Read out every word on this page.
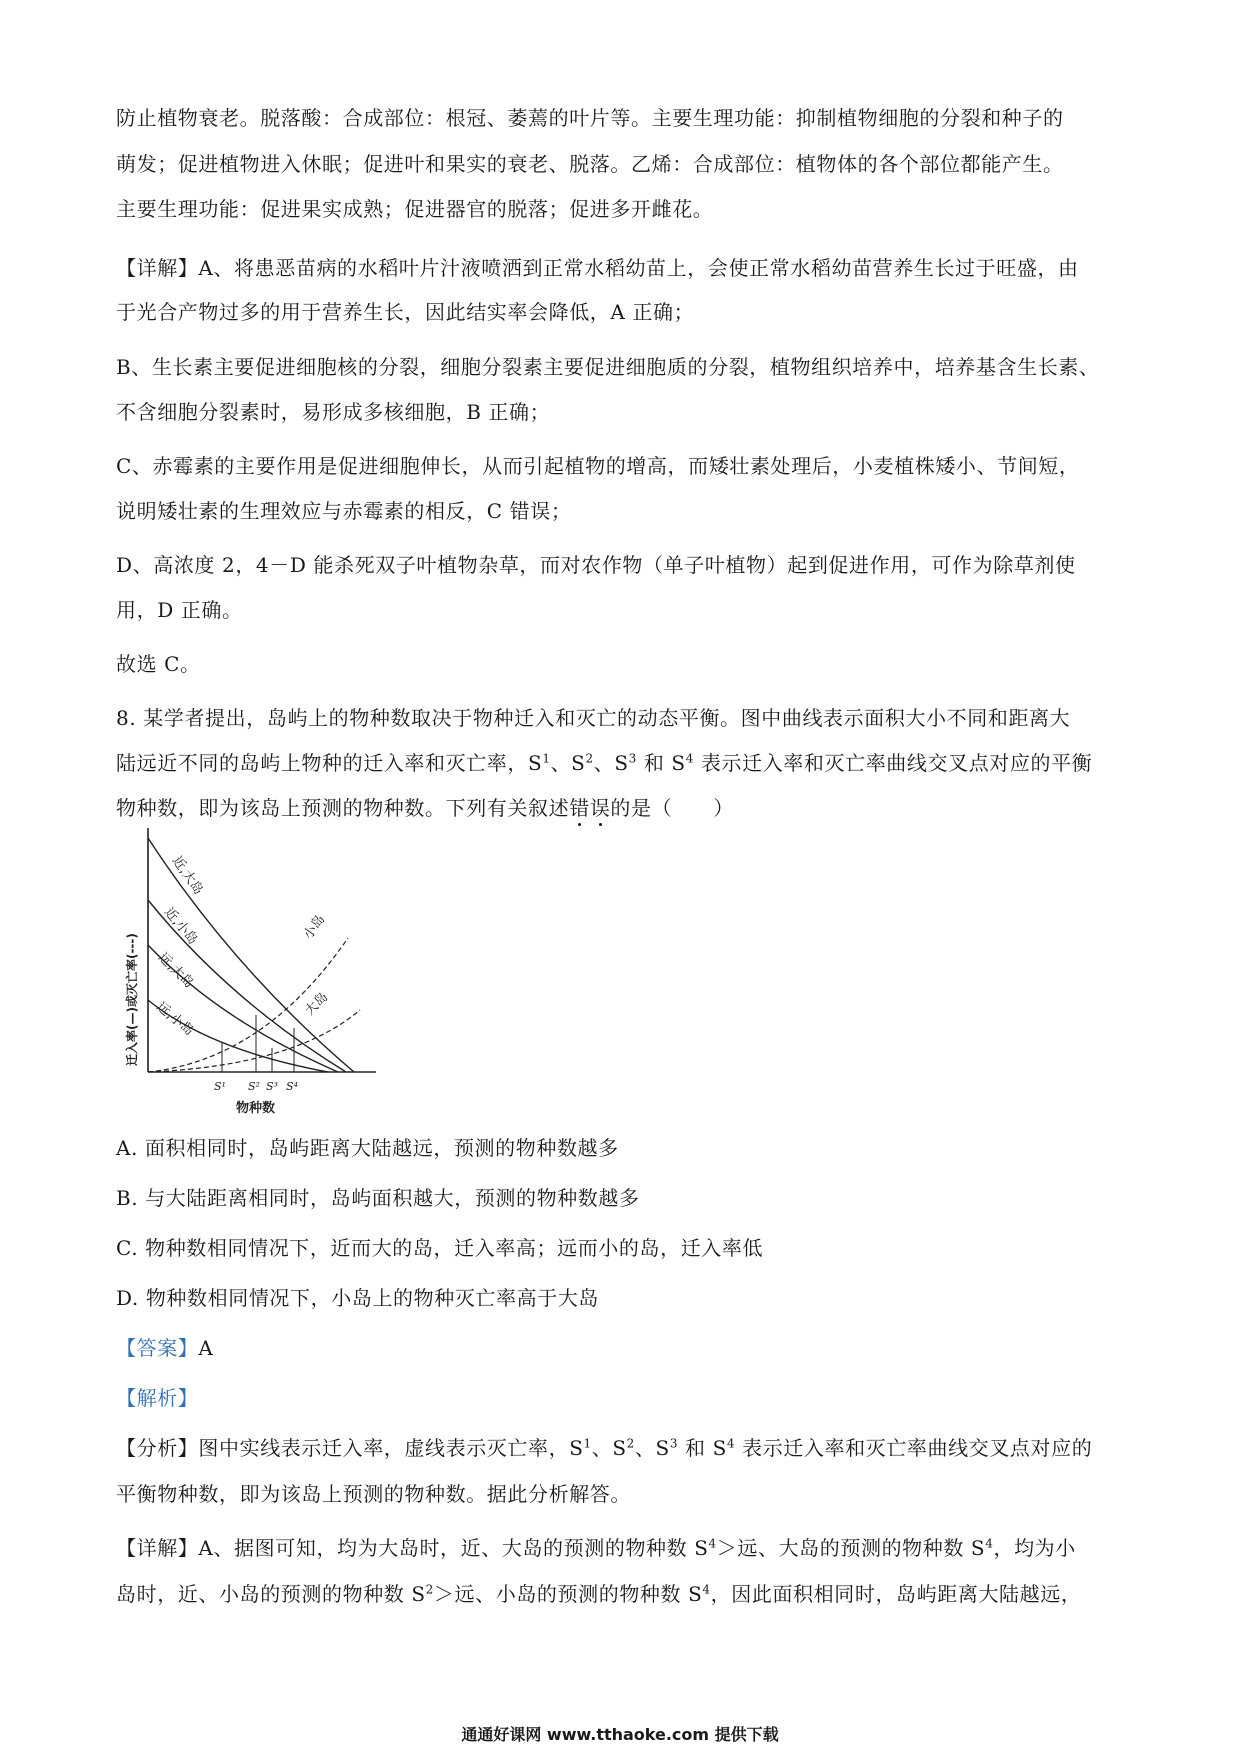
防止植物衰老。脱落酸：合成部位：根冠、萎蔫的叶片等。主要生理功能：抑制植物细胞的分裂和种子的
萌发；促进植物进入休眠；促进叶和果实的衰老、脱落。乙烯：合成部位：植物体的各个部位都能产生。
主要生理功能：促进果实成熟；促进器官的脱落；促进多开雌花。
【详解】A、将患恶苗病的水稻叶片汁液喷洒到正常水稻幼苗上，会使正常水稻幼苗营养生长过于旺盛，由
于光合产物过多的用于营养生长，因此结实率会降低，A 正确；
B、生长素主要促进细胞核的分裂，细胞分裂素主要促进细胞质的分裂，植物组织培养中，培养基含生长素、
不含细胞分裂素时，易形成多核细胞，B 正确；
C、赤霉素的主要作用是促进细胞伸长，从而引起植物的增高，而矮壮素处理后，小麦植株矮小、节间短，
说明矮壮素的生理效应与赤霉素的相反，C 错误；
D、高浓度 2，4－D 能杀死双子叶植物杂草，而对农作物（单子叶植物）起到促进作用，可作为除草剂使
用，D 正确。
故选 C。
8. 某学者提出，岛屿上的物种数取决于物种迁入和灭亡的动态平衡。图中曲线表示面积大小不同和距离大
陆远近不同的岛屿上物种的迁入率和灭亡率，$S^1$、$S^2$、$S^3$ 和 $S^4$ 表示迁入率和灭亡率曲线交叉点对应的平衡
物种数，即为该岛上预测的物种数。下列有关叙述错误的是（　　）
近,大岛
近,小岛
远,大岛
远,小岛
小岛
大岛
S¹ S² S³ S⁴
物种数
迁入率(—)或灭亡率(---)
A. 面积相同时，岛屿距离大陆越远，预测的物种数越多
B. 与大陆距离相同时，岛屿面积越大，预测的物种数越多
C. 物种数相同情况下，近而大的岛，迁入率高；远而小的岛，迁入率低
D. 物种数相同情况下，小岛上的物种灭亡率高于大岛
【答案】A
【解析】
【分析】图中实线表示迁入率，虚线表示灭亡率，$S^1$、$S^2$、$S^3$ 和 $S^4$ 表示迁入率和灭亡率曲线交叉点对应的
平衡物种数，即为该岛上预测的物种数。据此分析解答。
【详解】A、据图可知，均为大岛时，近、大岛的预测的物种数 $S^4>$远、大岛的预测的物种数 $S^4$，均为小
岛时，近、小岛的预测的物种数 $S^2>$远、小岛的预测的物种数 $S^4$，因此面积相同时，岛屿距离大陆越远，
通通好课网 www.tthaoke.com 提供下载
